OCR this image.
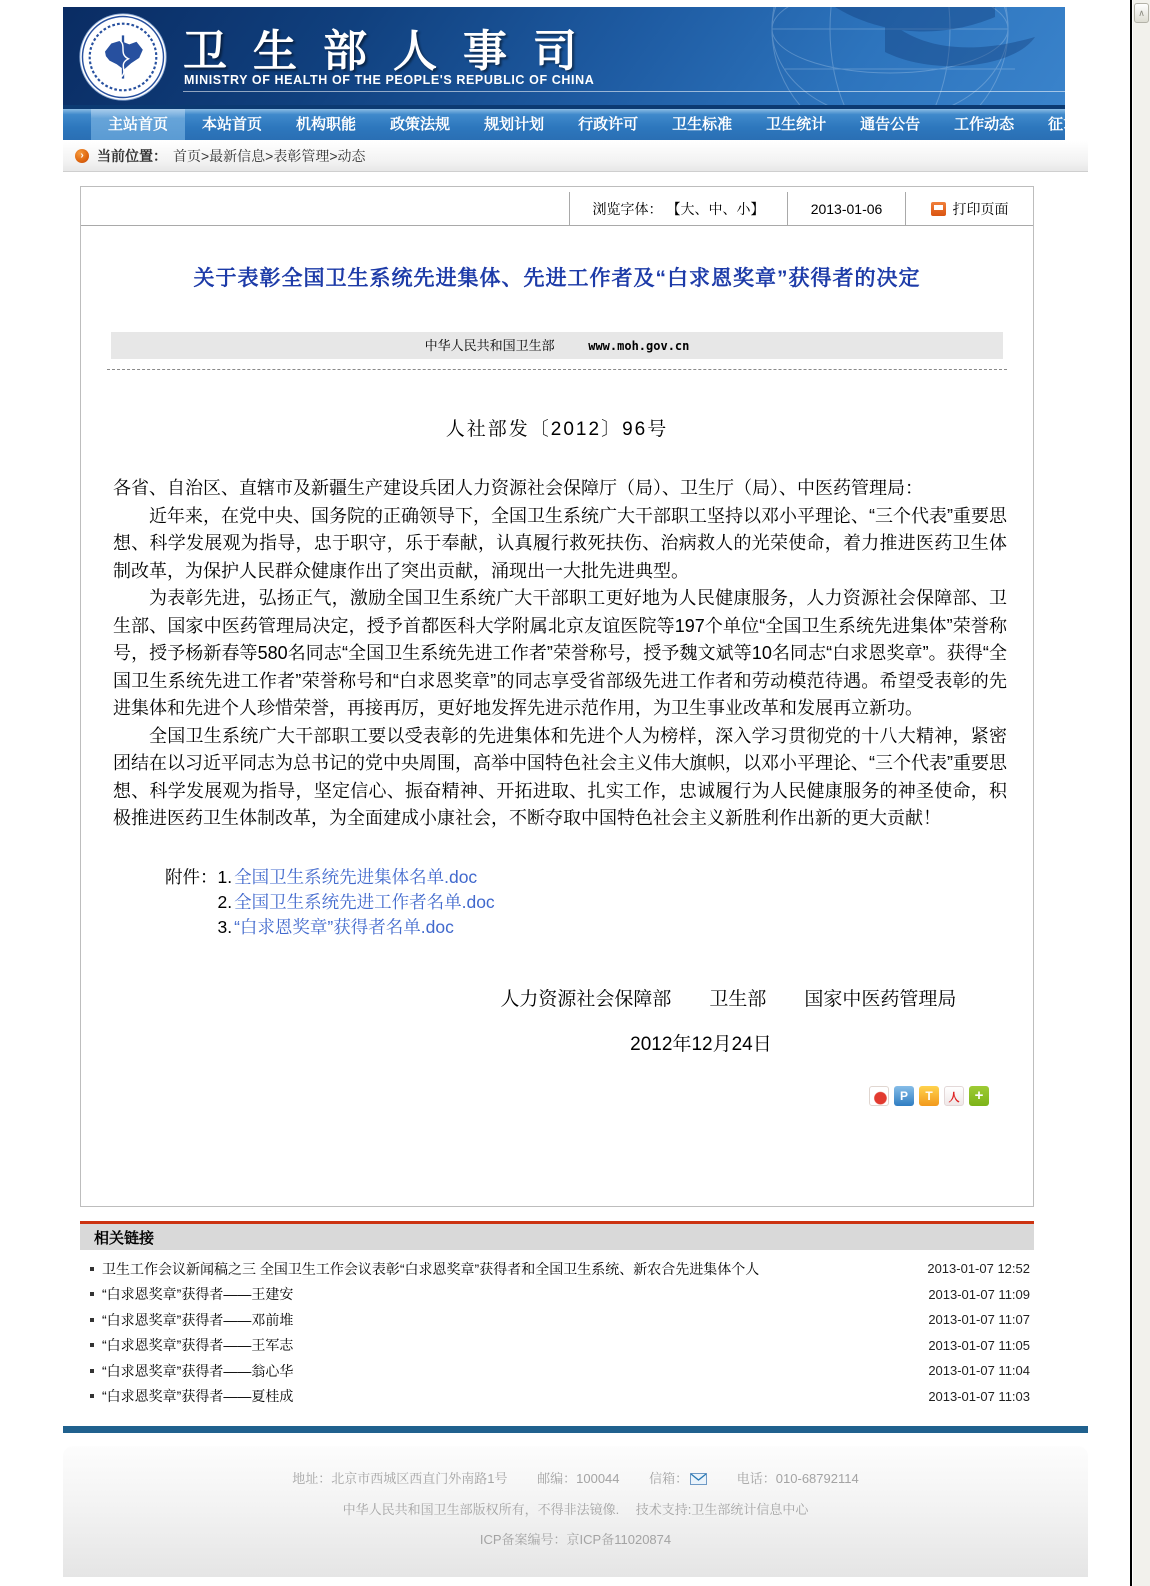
卫生部人事司
MINISTRY OF HEALTH OF THE PEOPLE'S REPUBLIC OF CHINA
主站首页	本站首页	机构职能	政策法规	规划计划	行政许可	卫生标准	卫生统计	通告公告	工作动态	征求意见
›
当前位置： 首页>最新信息>表彰管理>动态
浏览字体： 【大、中、小】	2013-01-06	打印页面
关于表彰全国卫生系统先进集体、先进工作者及“白求恩奖章”获得者的决定
中华人民共和国卫生部	www.moh.gov.cn
人社部发〔2012〕96号

各省、自治区、直辖市及新疆生产建设兵团人力资源社会保障厅（局）、卫生厅（局）、中医药管理局：

近年来，在党中央、国务院的正确领导下，全国卫生系统广大干部职工坚持以邓小平理论、“三个代表”重要思想、科学发展观为指导，忠于职守，乐于奉献，认真履行救死扶伤、治病救人的光荣使命，着力推进医药卫生体制改革，为保护人民群众健康作出了突出贡献，涌现出一大批先进典型。

为表彰先进，弘扬正气，激励全国卫生系统广大干部职工更好地为人民健康服务，人力资源社会保障部、卫生部、国家中医药管理局决定，授予首都医科大学附属北京友谊医院等197个单位“全国卫生系统先进集体”荣誉称号，授予杨新春等580名同志“全国卫生系统先进工作者”荣誉称号，授予魏文斌等10名同志“白求恩奖章”。获得“全国卫生系统先进工作者”荣誉称号和“白求恩奖章”的同志享受省部级先进工作者和劳动模范待遇。希望受表彰的先进集体和先进个人珍惜荣誉，再接再厉，更好地发挥先进示范作用，为卫生事业改革和发展再立新功。

全国卫生系统广大干部职工要以受表彰的先进集体和先进个人为榜样，深入学习贯彻党的十八大精神，紧密团结在以习近平同志为总书记的党中央周围，高举中国特色社会主义伟大旗帜，以邓小平理论、“三个代表”重要思想、科学发展观为指导，坚定信心、振奋精神、开拓进取、扎实工作，忠诚履行为人民健康服务的神圣使命，积极推进医药卫生体制改革，为全面建成小康社会，不断夺取中国特色社会主义新胜利作出新的更大贡献！

附件： 1. 全国卫生系统先进集体名单.doc
2. 全国卫生系统先进工作者名单.doc
3. “白求恩奖章”获得者名单.doc
人力资源社会保障部　　卫生部　　国家中医药管理局
2012年12月24日
P
T
人
+
相关链接
卫生工作会议新闻稿之三 全国卫生工作会议表彰“白求恩奖章”获得者和全国卫生系统、新农合先进集体个人	2013-01-07 12:52
“白求恩奖章”获得者——王建安	2013-01-07 11:09
“白求恩奖章”获得者——邓前堆	2013-01-07 11:07
“白求恩奖章”获得者——王军志	2013-01-07 11:05
“白求恩奖章”获得者——翁心华	2013-01-07 11:04
“白求恩奖章”获得者——夏桂成	2013-01-07 11:03
地址：北京市西城区西直门外南路1号 邮编：100044 信箱：	电话：010-68792114
中华人民共和国卫生部版权所有，不得非法镜像.　 技术支持:卫生部统计信息中心
ICP备案编号：京ICP备11020874
∧
